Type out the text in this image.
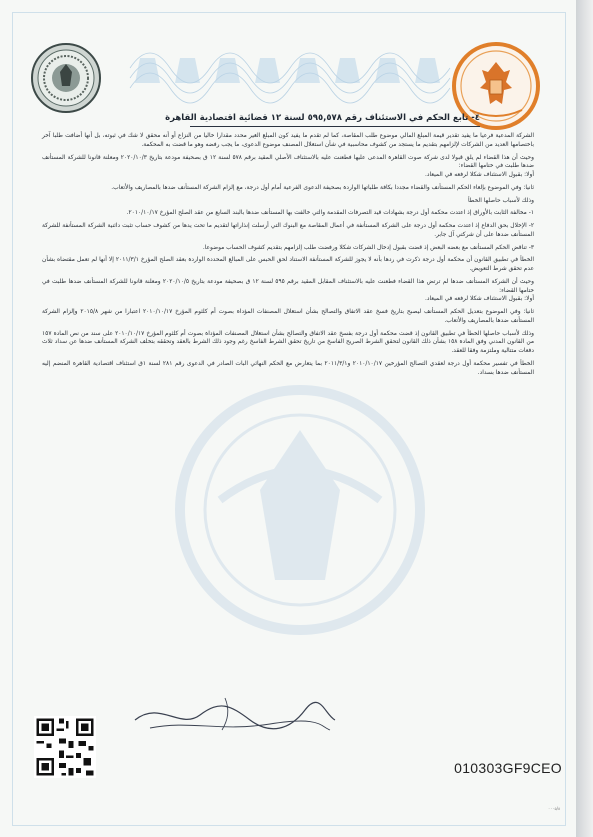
٤- تابع الحكم في الاستئناف رقم ٥٩٥,٥٧٨ لسنة ١٢ قضائية اقتصادية القاهرة

الشركة المدعية فرعيا ما يفيد تقدير قيمة المبلغ المالي موضوع طلب المقاصة، كما لم تقدم ما يفيد كون المبلغ الغير محدد مقدارا خاليا من النزاع أو أنه محقق لا شك في ثبوته، بل أنها أضافت طلبا آخر باختصامها العديد من الشركات لإلزامهم بتقديم ما يستجد من كشوف محاسبية في شأن استغلال المصنف موضوع الدعوى، ما يجب رفضه وهو ما قضت به المحكمة.

وحيث أن هذا القضاء لم يلق قبولا لدى شركة صوت القاهرة المدعى عليها فطعنت عليه بالاستئناف الأصلي المقيد برقم ٥٧٨ لسنة ١٢ ق بصحيفة مودعة بتاريخ ٢٠٢٠/١٠/٣ ومعلنة قانونا للشركة المستأنف ضدها طلبت في ختامها القضاء:

أولا: بقبول الاستئناف شكلا لرفعه في الميعاد.

ثانيا: وفي الموضوع بإلغاء الحكم المستأنف والقضاء مجددا بكافة طلباتها الواردة بصحيفة الدعوى الفرعية أمام أول درجة، مع إلزام الشركة المستأنف ضدها بالمصاريف والأتعاب.

وذلك لأسباب حاصلها الخطأ

١- مخالفة الثابت بالأوراق إذ اعتدت محكمة أول درجة بشهادات قيد التصرفات المقدمة والتي خالفت بها المستأنف ضدها بالبند السابع من عقد الصلح المؤرخ ٢٠١٠/١٠/١٧.

٢- الإخلال بحق الدفاع إذ اعتدت محكمة أول درجة على الشركة المستأنفة في أعمال المقاصة مع البنوك التي أرسلت إنذاراتها لتقديم ما تحت يدها من كشوف حساب تثبت دائنية الشركة المستأنفة للشركة المستأنف ضدها على أن شركتي آل جابر.

٣- تناقض الحكم المستأنف مع بعضه البعض إذ قضت بقبول إدخال الشركات شكلا ورفضت طلب إلزامهم بتقديم كشوف الحساب موضوعا.

الخطأ في تطبيق القانون أن محكمة أول درجة ذكرت في ردها بأنه لا يجوز للشركة المستأنفة الاستناد لحق الحبس على المبالغ المحددة الواردة بعقد الصلح المؤرخ ٢٠١١/٣/١ إلا أنها لم تعمل مقتضاه بشأن عدم تحقق شرط التعويض.

وحيث أن الشركة المستأنف ضدها لم ترتض هذا القضاء فطعنت عليه بالاستئناف المقابل المقيد برقم ٥٩٥ لسنة ١٢ ق بصحيفة مودعة بتاريخ ٢٠٢٠/١٠/٥ ومعلنة قانونا للشركة المستأنف ضدها طلبت في ختامها القضاء:

أولا: بقبول الاستئناف شكلا لرفعه في الميعاد.

ثانيا: وفي الموضوع بتعديل الحكم المستأنف ليصبح بتاريخ فسخ عقد الاتفاق والتصالح بشأن استغلال المصنفات المؤداة بصوت أم كلثوم المؤرخ ٢٠١٠/١٠/١٧ اعتبارا من شهر ٢٠١٥/٨ وإلزام الشركة المستأنف ضدها بالمصاريف والأتعاب.

وذلك لأسباب حاصلها الخطأ في تطبيق القانون إذ قضت محكمة أول درجة بفسخ عقد الاتفاق والتصالح بشأن استغلال المصنفات المؤداة بصوت أم كلثوم المؤرخ ٢٠١٠/١٠/١٧ على سند من نص المادة ١٥٧ من القانون المدني وفق المادة ١٥٨ بشأن ذلك القانون لتحقق الشرط الصريح الفاسخ من تاريخ تحقق الشرط الفاسخ رغم وجود ذلك الشرط بالعقد وتحققه بتخلف الشركة المستأنف ضدها عن سداد ثلاث دفعات متتالية وملتزمة وفقا للعقد.

الخطأ في تفسير محكمة أول درجة لعقدي التصالح المؤرخين ٢٠١٠/١٠/١٧ و٢٠١١/٣/١ بما يتعارض مع الحكم النهائي البات الصادر في الدعوى رقم ٢٨١ لسنة ١ق استئناف اقتصادية القاهرة المنضم إليه المستأنف ضدها بسداد.

010303GF9CEO
٠٠٠٥/٨
